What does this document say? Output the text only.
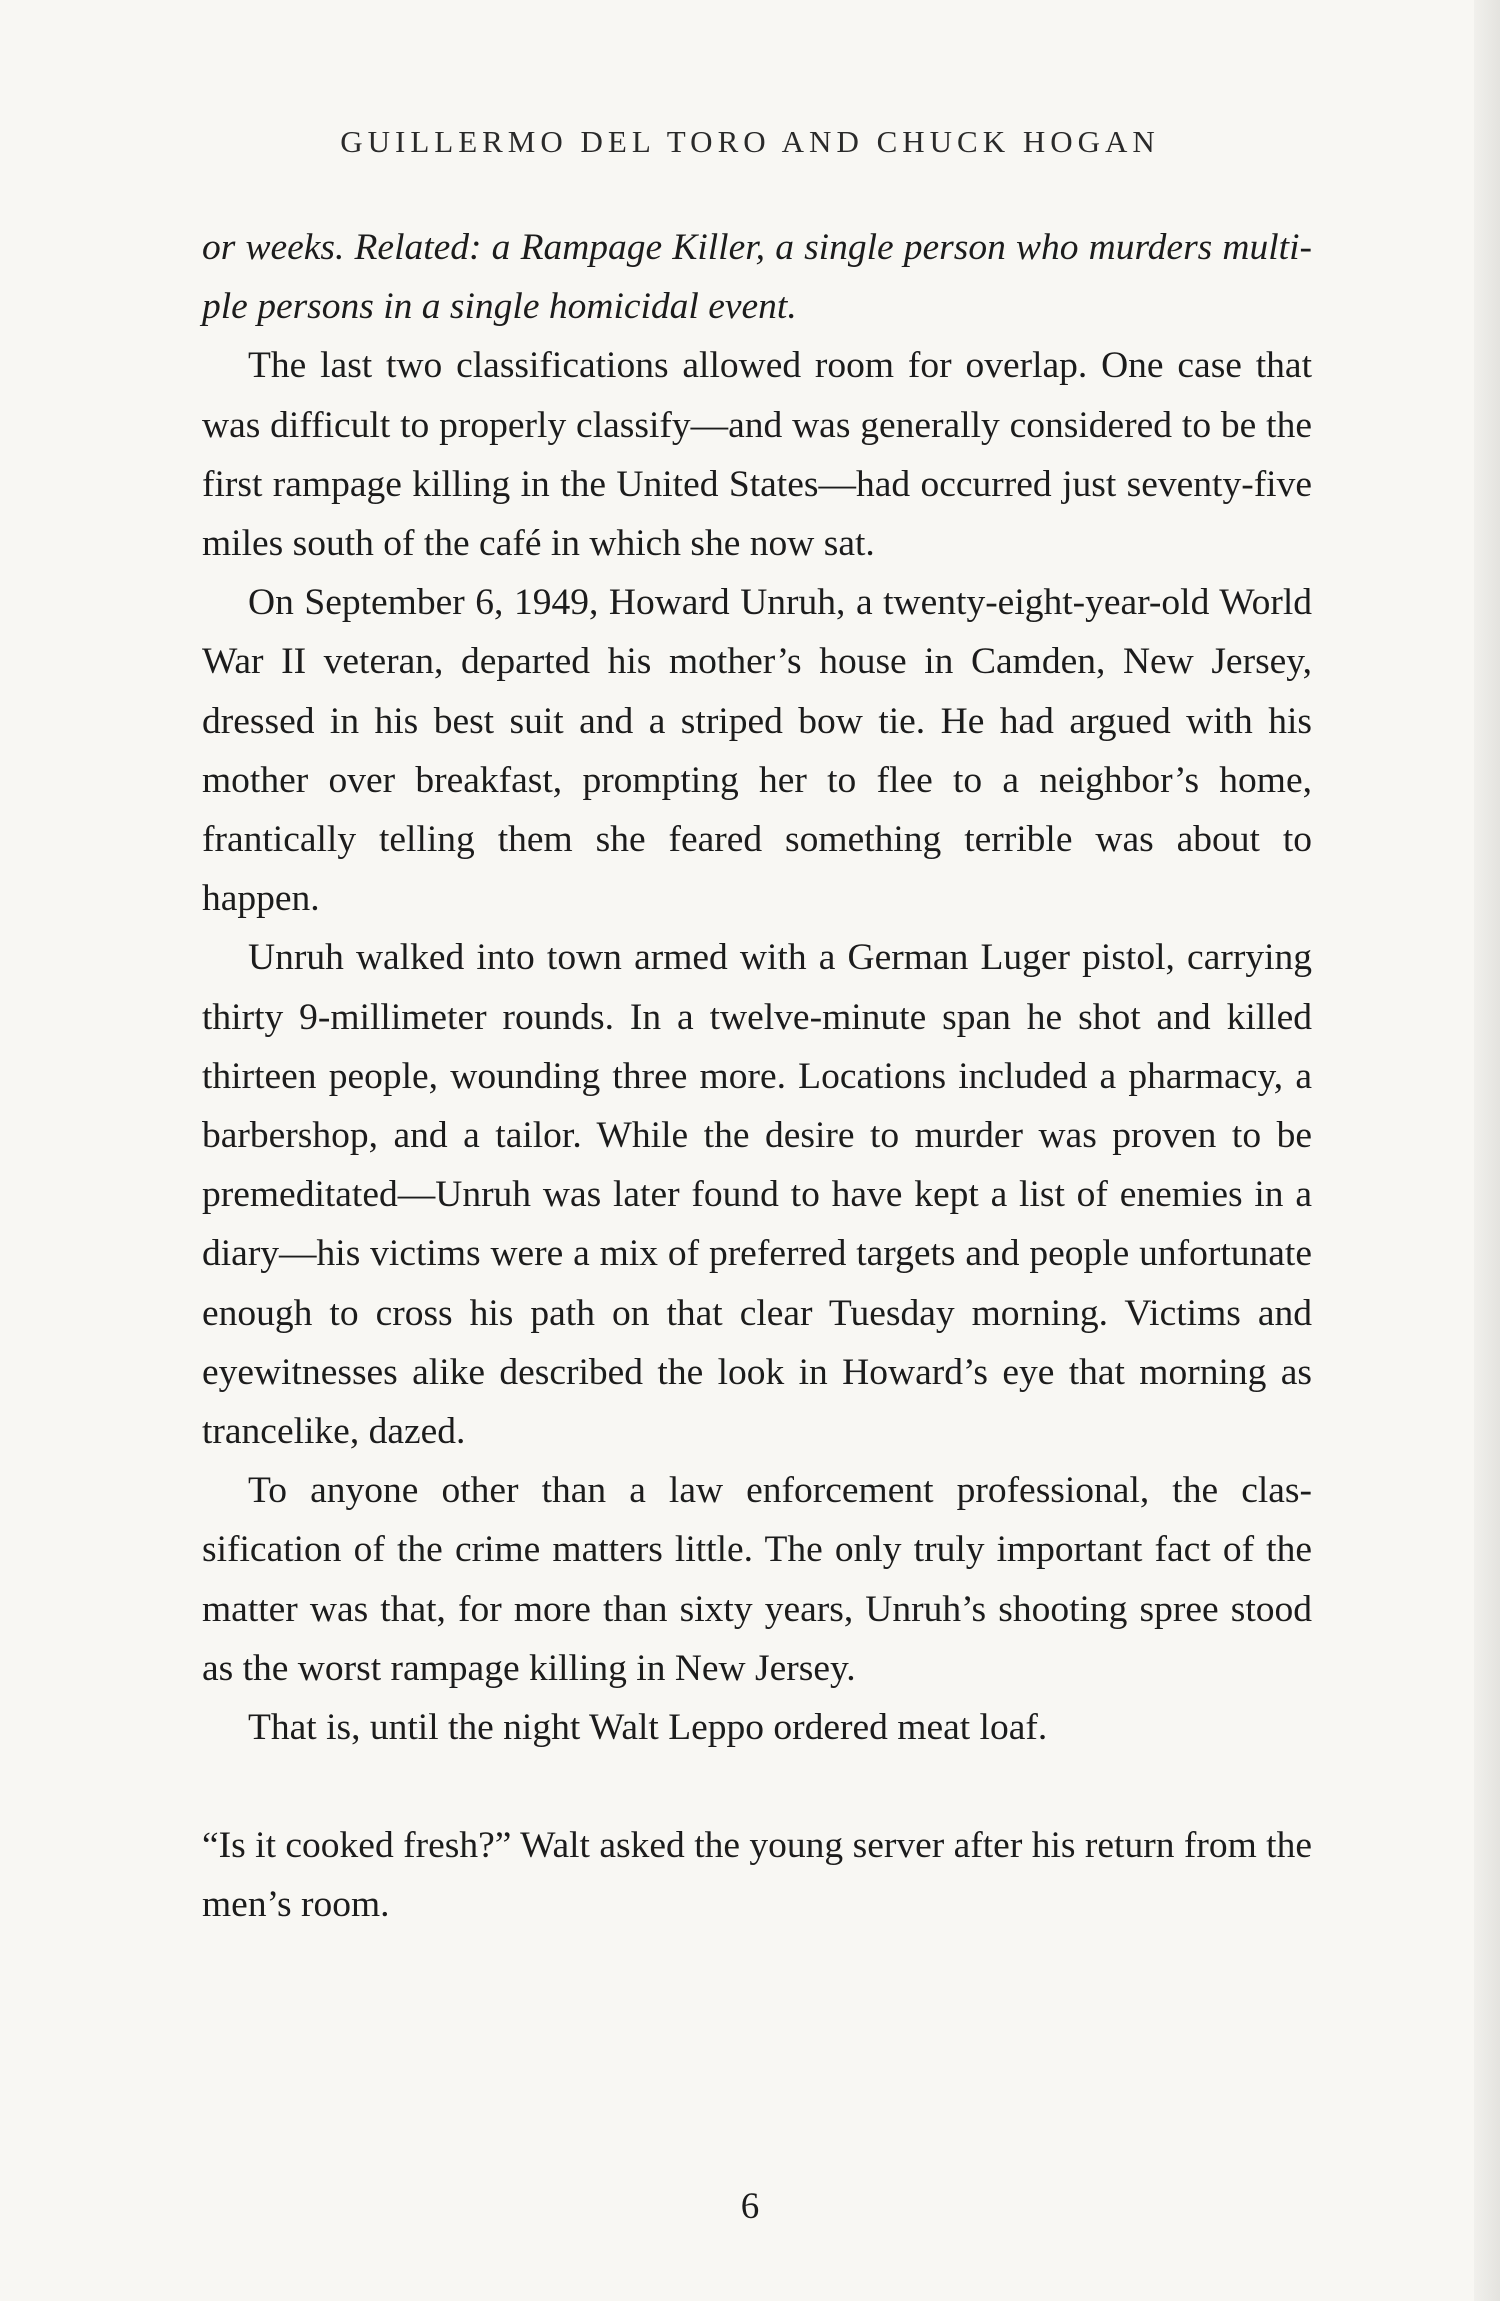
GUILLERMO DEL TORO AND CHUCK HOGAN

or weeks. Related: a Rampage Killer, a single person who murders multiple persons in a single homicidal event.

The last two classifications allowed room for overlap. One case that was difficult to properly classify—and was generally considered to be the first rampage killing in the United States—had occurred just seventy-five miles south of the café in which she now sat.

On September 6, 1949, Howard Unruh, a twenty-eight-year-old World War II veteran, departed his mother’s house in Camden, New Jersey, dressed in his best suit and a striped bow tie. He had argued with his mother over breakfast, prompting her to flee to a neighbor’s home, frantically telling them she feared something terrible was about to happen.

Unruh walked into town armed with a German Luger pistol, carrying thirty 9-millimeter rounds. In a twelve-minute span he shot and killed thirteen people, wounding three more. Locations included a pharmacy, a barbershop, and a tailor. While the desire to murder was proven to be premeditated—Unruh was later found to have kept a list of enemies in a diary—his victims were a mix of preferred targets and people unfortunate enough to cross his path on that clear Tuesday morning. Victims and eyewitnesses alike described the look in Howard’s eye that morning as trancelike, dazed.

To anyone other than a law enforcement professional, the classification of the crime matters little. The only truly important fact of the matter was that, for more than sixty years, Unruh’s shooting spree stood as the worst rampage killing in New Jersey.

That is, until the night Walt Leppo ordered meat loaf.

“Is it cooked fresh?” Walt asked the young server after his return from the men’s room.

6
